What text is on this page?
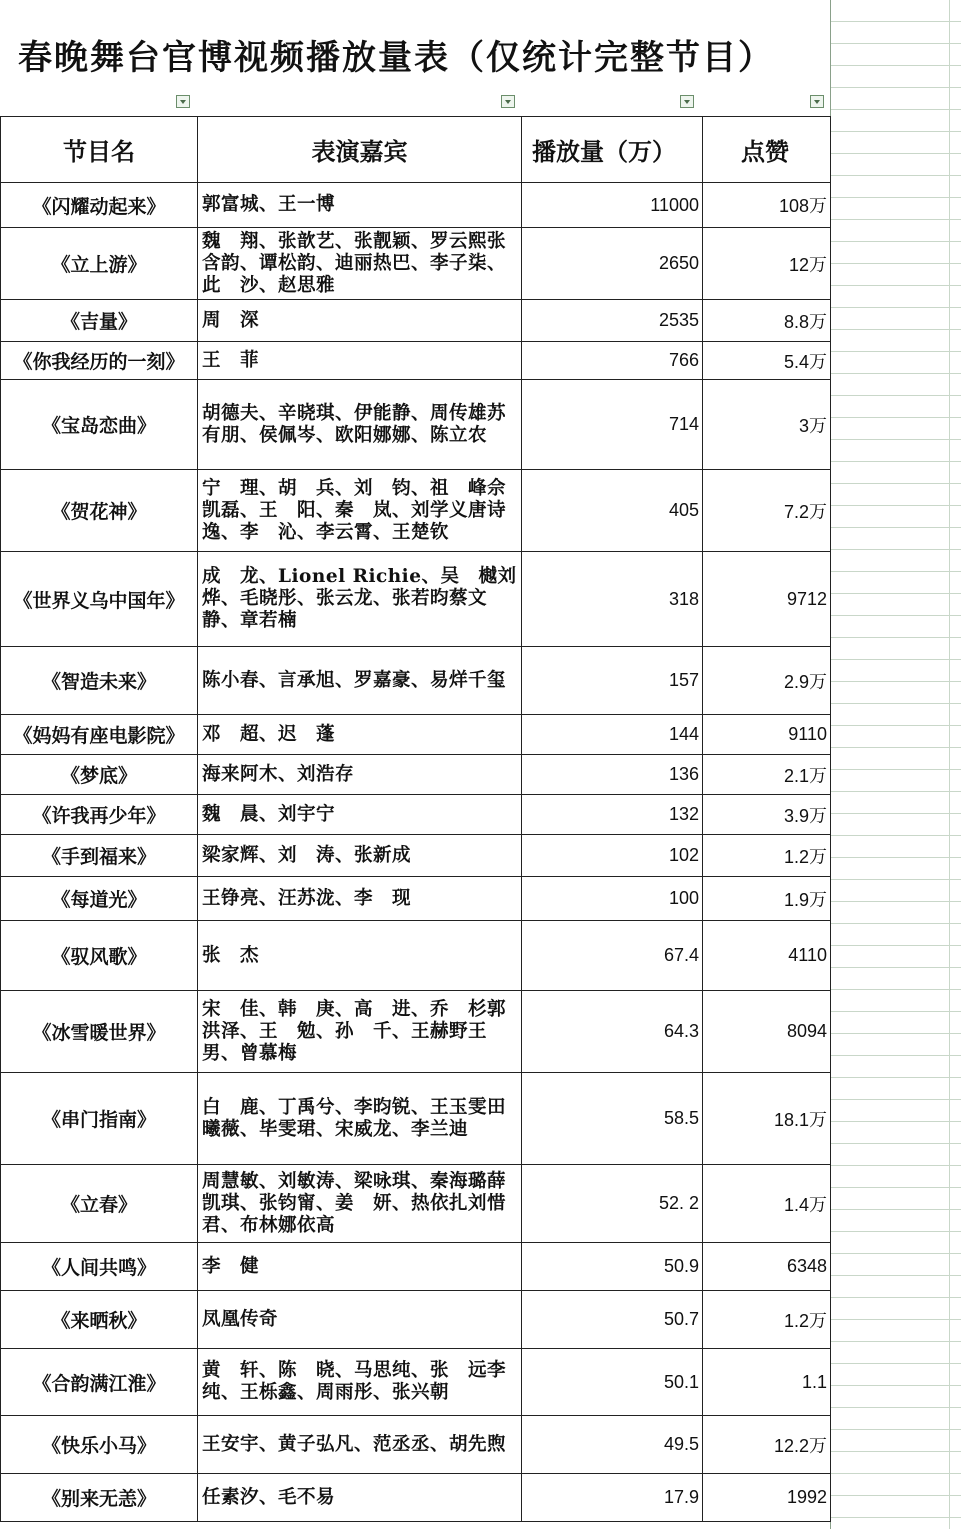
春晚舞台官博视频播放量表（仅统计完整节目）
节目名	表演嘉宾	播放量（万）	点赞
《闪耀动起来》	郭富城、王一博	11000	108万
《立上游》	魏　翔、张歆艺、张靓颖、罗云熙张含韵、谭松韵、迪丽热巴、李子柒、此　沙、赵思雅	2650	12万
《吉量》	周　深	2535	8.8万
《你我经历的一刻》	王　菲	766	5.4万
《宝岛恋曲》	胡德夫、辛晓琪、伊能静、周传雄苏有朋、侯佩岑、欧阳娜娜、陈立农	714	3万
《贺花神》	宁　理、胡　兵、刘　钧、祖　峰佘凯磊、王　阳、秦　岚、刘学义唐诗逸、李　沁、李云霄、王楚钦	405	7.2万
《世界义乌中国年》	成　龙、Lionel Richie、吴　樾刘　烨、毛晓彤、张云龙、张若昀蔡文静、章若楠	318	9712
《智造未来》	陈小春、言承旭、罗嘉豪、易烊千玺	157	2.9万
《妈妈有座电影院》	邓　超、迟　蓬	144	9110
《梦底》	海来阿木、刘浩存	136	2.1万
《许我再少年》	魏　晨、刘宇宁	132	3.9万
《手到福来》	梁家辉、刘　涛、张新成	102	1.2万
《每道光》	王铮亮、汪苏泷、李　现	100	1.9万
《驭风歌》	张　杰	67.4	4110
《冰雪暖世界》	宋　佳、韩　庚、高　进、乔　杉郭洪泽、王　勉、孙　千、王赫野王　男、曾慕梅	64.3	8094
《串门指南》	白　鹿、丁禹兮、李昀锐、王玉雯田曦薇、毕雯珺、宋威龙、李兰迪	58.5	18.1万
《立春》	周慧敏、刘敏涛、梁咏琪、秦海璐薛凯琪、张钧甯、姜　妍、热依扎刘惜君、布林娜依高	52. 2	1.4万
《人间共鸣》	李　健	50.9	6348
《来晒秋》	凤凰传奇	50.7	1.2万
《合韵满江淮》	黄　轩、陈　晓、马思纯、张　远李　纯、王栎鑫、周雨彤、张兴朝	50.1	1.1
《快乐小马》	王安宇、黄子弘凡、范丞丞、胡先煦	49.5	12.2万
《别来无恙》	任素汐、毛不易	17.9	1992
